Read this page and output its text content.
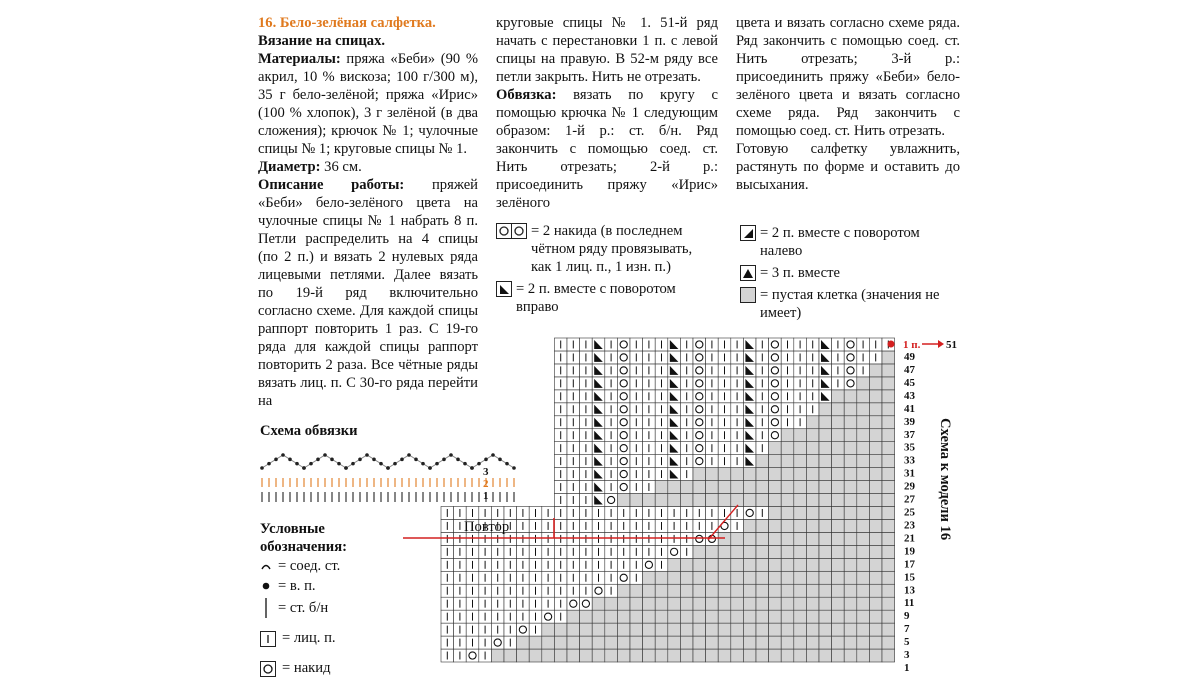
16. Бело-зелёная салфетка.

Вязание на спицах.

Материалы: пряжа «Беби» (90 % акрил, 10 % вискоза; 100 г/300 м), 35 г бело-зелёной; пряжа «Ирис» (100 % хлопок), 3 г зелёной (в два сложения); крючок № 1; чулочные спицы № 1; круговые спицы № 1.

Диаметр: 36 см.

Описание работы: пряжей «Беби» бело-зелёного цвета на чулочные спицы № 1 набрать 8 п. Петли распределить на 4 спицы (по 2 п.) и вязать 2 нулевых ряда лицевыми петлями. Далее вязать по 19-й ряд включительно согласно схеме. Для каждой спицы раппорт повторить 1 раз. С 19-го ряда для каждой спицы раппорт повторить 2 раза. Все чётные ряды вязать лиц. п. С 30-го ряда перейти на

круговые спицы № 1. 51-й ряд начать с перестановки 1 п. с левой спицы на правую. В 52-м ряду все петли закрыть. Нить не отрезать.

Обвязка: вязать по кругу с помощью крючка № 1 следующим образом: 1-й р.: ст. б/н. Ряд закончить с помощью соед. ст. Нить отрезать; 2-й р.: присоединить пряжу «Ирис» зелёного

цвета и вязать согласно схеме ряда. Ряд закончить с помощью соед. ст. Нить отрезать; 3-й р.: присоединить пряжу «Беби» бело-зелёного цвета и вязать согласно схеме ряда. Ряд закончить с помощью соед. ст. Нить отрезать.

Готовую салфетку увлажнить, растянуть по форме и оставить до высыхания.

= 2 накида (в последнем чётном ряду провязывать, как 1 лиц. п., 1 изн. п.)
= 2 п. вместе с поворотом вправо
= 2 п. вместе с поворотом налево
= 3 п. вместе
= пустая клетка (значения не имеет)
Схема обвязки
3
2
1
Условные
обозначения:
= соед. ст.
= в. п.
= ст. б/н
= лиц. п.
= накид
1 п. 51
49
47
45
43
41
39
37
35
33
31
29
27
25
23
21
19
17
15
13
11
9
7
5
3
1
Повтор	Схема к модели 16
